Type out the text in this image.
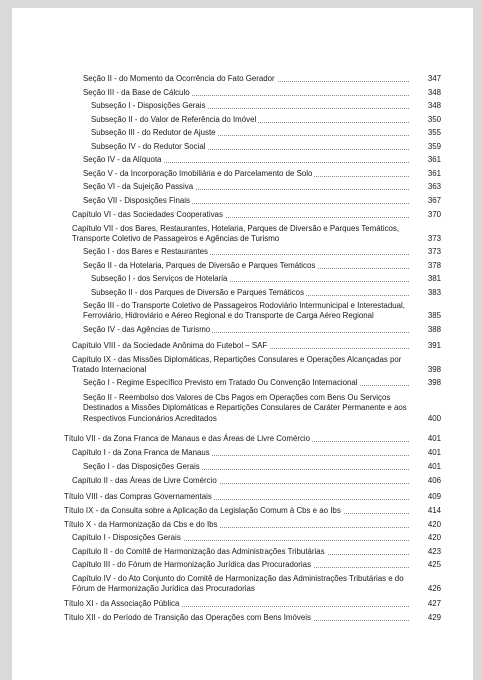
Seção II - do Momento da Ocorrência do Fato Gerador	347
Seção III - da Base de Cálculo	348
Subseção I - Disposições Gerais	348
Subseção II - do Valor de Referência do Imóvel	350
Subseção III - do Redutor de Ajuste	355
Subseção IV - do Redutor Social	359
Seção IV - da Alíquota	361
Seção V - da Incorporação Imobiliária e do Parcelamento de Solo	361
Seção VI - da Sujeição Passiva	363
Seção VII - Disposições Finais	367
Capítulo VI - das Sociedades Cooperativas	370
Capítulo VII - dos Bares, Restaurantes, Hotelaria, Parques de Diversão e Parques Temáticos, Transporte Coletivo de Passageiros e Agências de Turismo	373
Seção I - dos Bares e Restaurantes	373
Seção II - da Hotelaria, Parques de Diversão e Parques Temáticos	378
Subseção I - dos Serviços de Hotelaria	381
Subseção II - dos Parques de Diversão e Parques Temáticos	383
Seção III - do Transporte Coletivo de Passageiros Rodoviário Intermunicipal e Interestadual, Ferroviário, Hidroviário e Aéreo Regional e do Transporte de Carga Aéreo Regional	385
Seção IV - das Agências de Turismo	388
Capítulo VIII - da Sociedade Anônima do Futebol – SAF	391
Capítulo IX - das Missões Diplomáticas, Repartições Consulares e Operações Alcançadas por Tratado Internacional	398
Seção I - Regime Específico Previsto em Tratado Ou Convenção Internacional	398
Seção II - Reembolso dos Valores de Cbs Pagos em Operações com Bens Ou Serviços Destinados a Missões Diplomáticas e Repartições Consulares de Caráter Permanente e aos Respectivos Funcionários Acreditados	400
Título VII - da Zona Franca de Manaus e das Áreas de Livre Comércio	401
Capítulo I - da Zona Franca de Manaus	401
Seção I - das Disposições Gerais	401
Capítulo II - das Áreas de Livre Comércio	406
Título VIII - das Compras Governamentais	409
Título IX - da Consulta sobre a Aplicação da Legislação Comum à Cbs e ao Ibs	414
Título X - da Harmonização da Cbs e do Ibs	420
Capítulo I - Disposições Gerais	420
Capítulo II - do Comitê de Harmonização das Administrações Tributárias	423
Capítulo III - do Fórum de Harmonização Jurídica das Procuradorias	425
Capítulo IV - do Ato Conjunto do Comitê de Harmonização das Administrações Tributárias e do Fórum de Harmonização Jurídica das Procuradorias	426
Título XI - da Associação Pública	427
Título XII - do Período de Transição das Operações com Bens Imóveis	429
